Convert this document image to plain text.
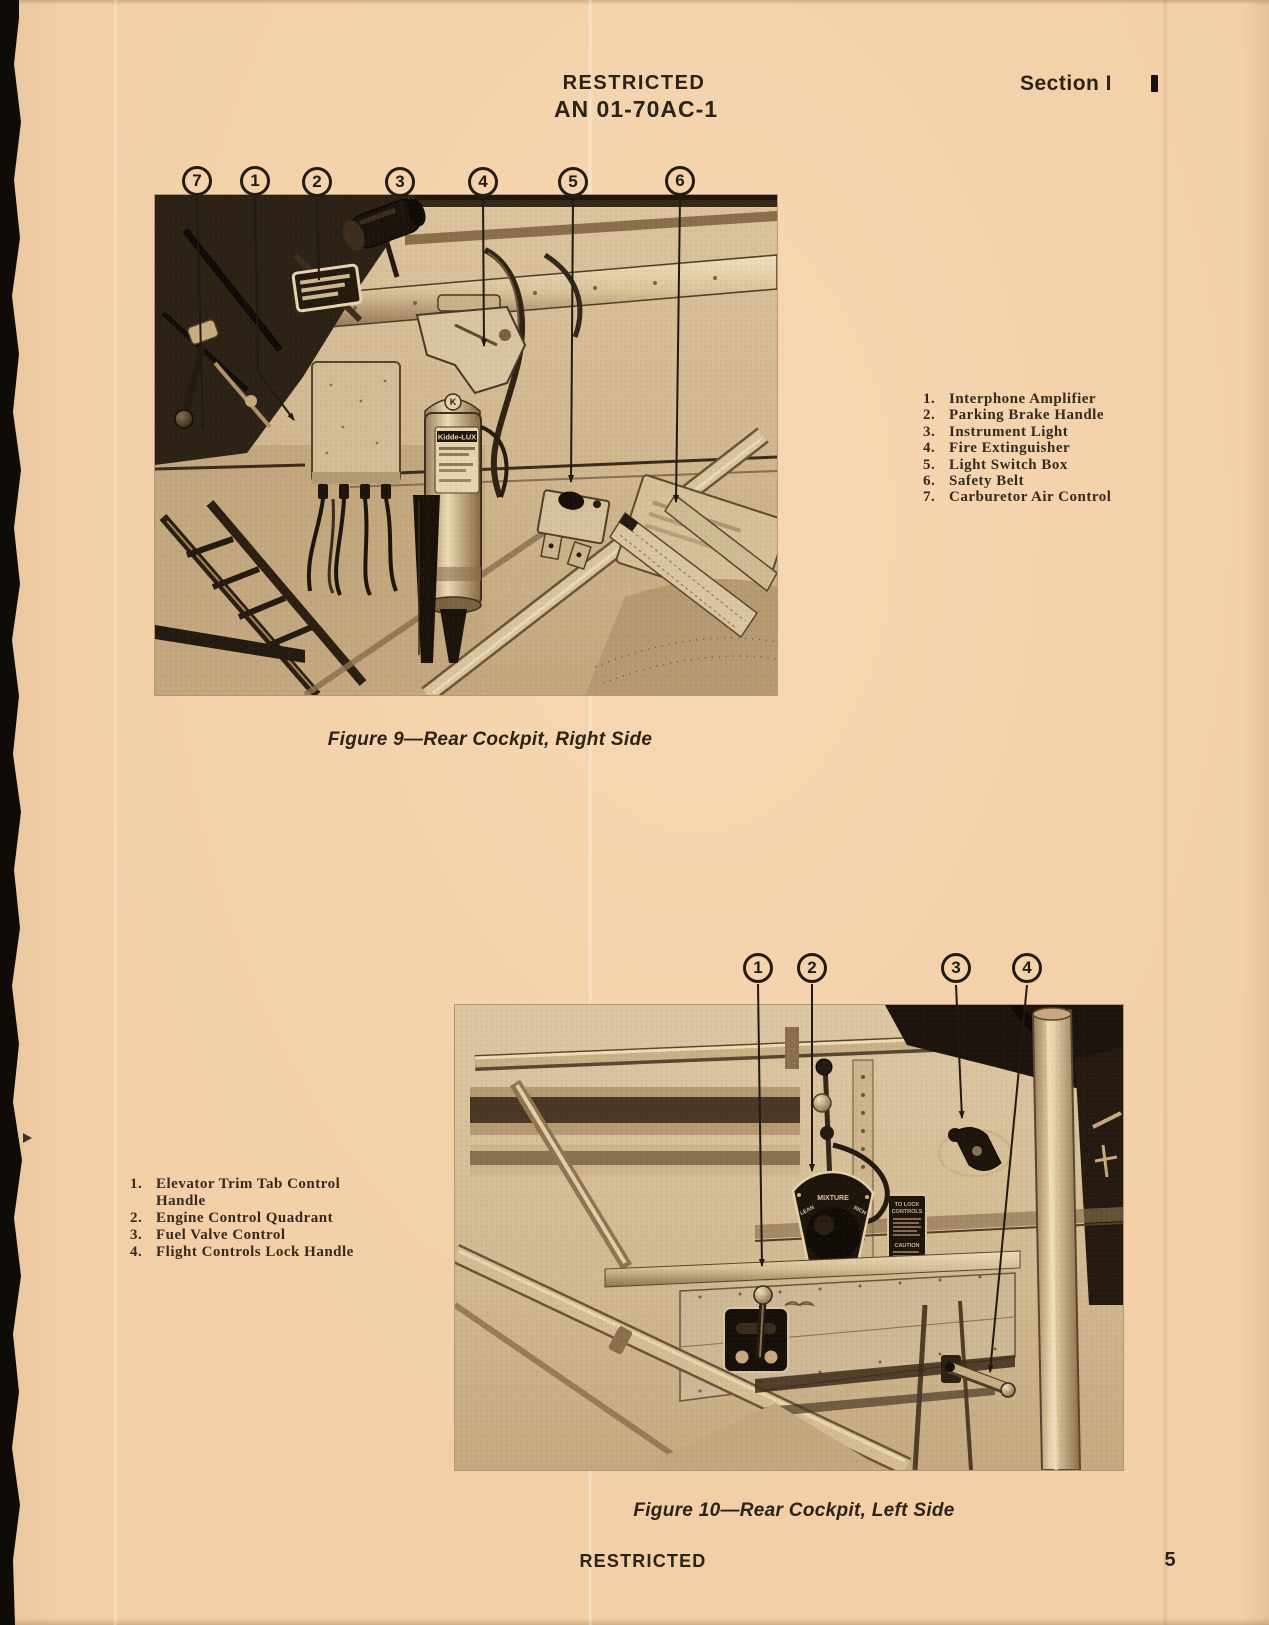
RESTRICTED
AN 01-70AC-1
Section I
7	1	2	3	4	5	6
1	2	3	4
1. Interphone Amplifier
2. Parking Brake Handle
3. Instrument Light
4. Fire Extinguisher
5. Light Switch Box
6. Safety Belt
7. Carburetor Air Control
1. Elevator Trim Tab Control Handle
2. Engine Control Quadrant
3. Fuel Valve Control
4. Flight Controls Lock Handle
Figure 9—Rear Cockpit, Right Side
Figure 10—Rear Cockpit, Left Side
RESTRICTED	5
